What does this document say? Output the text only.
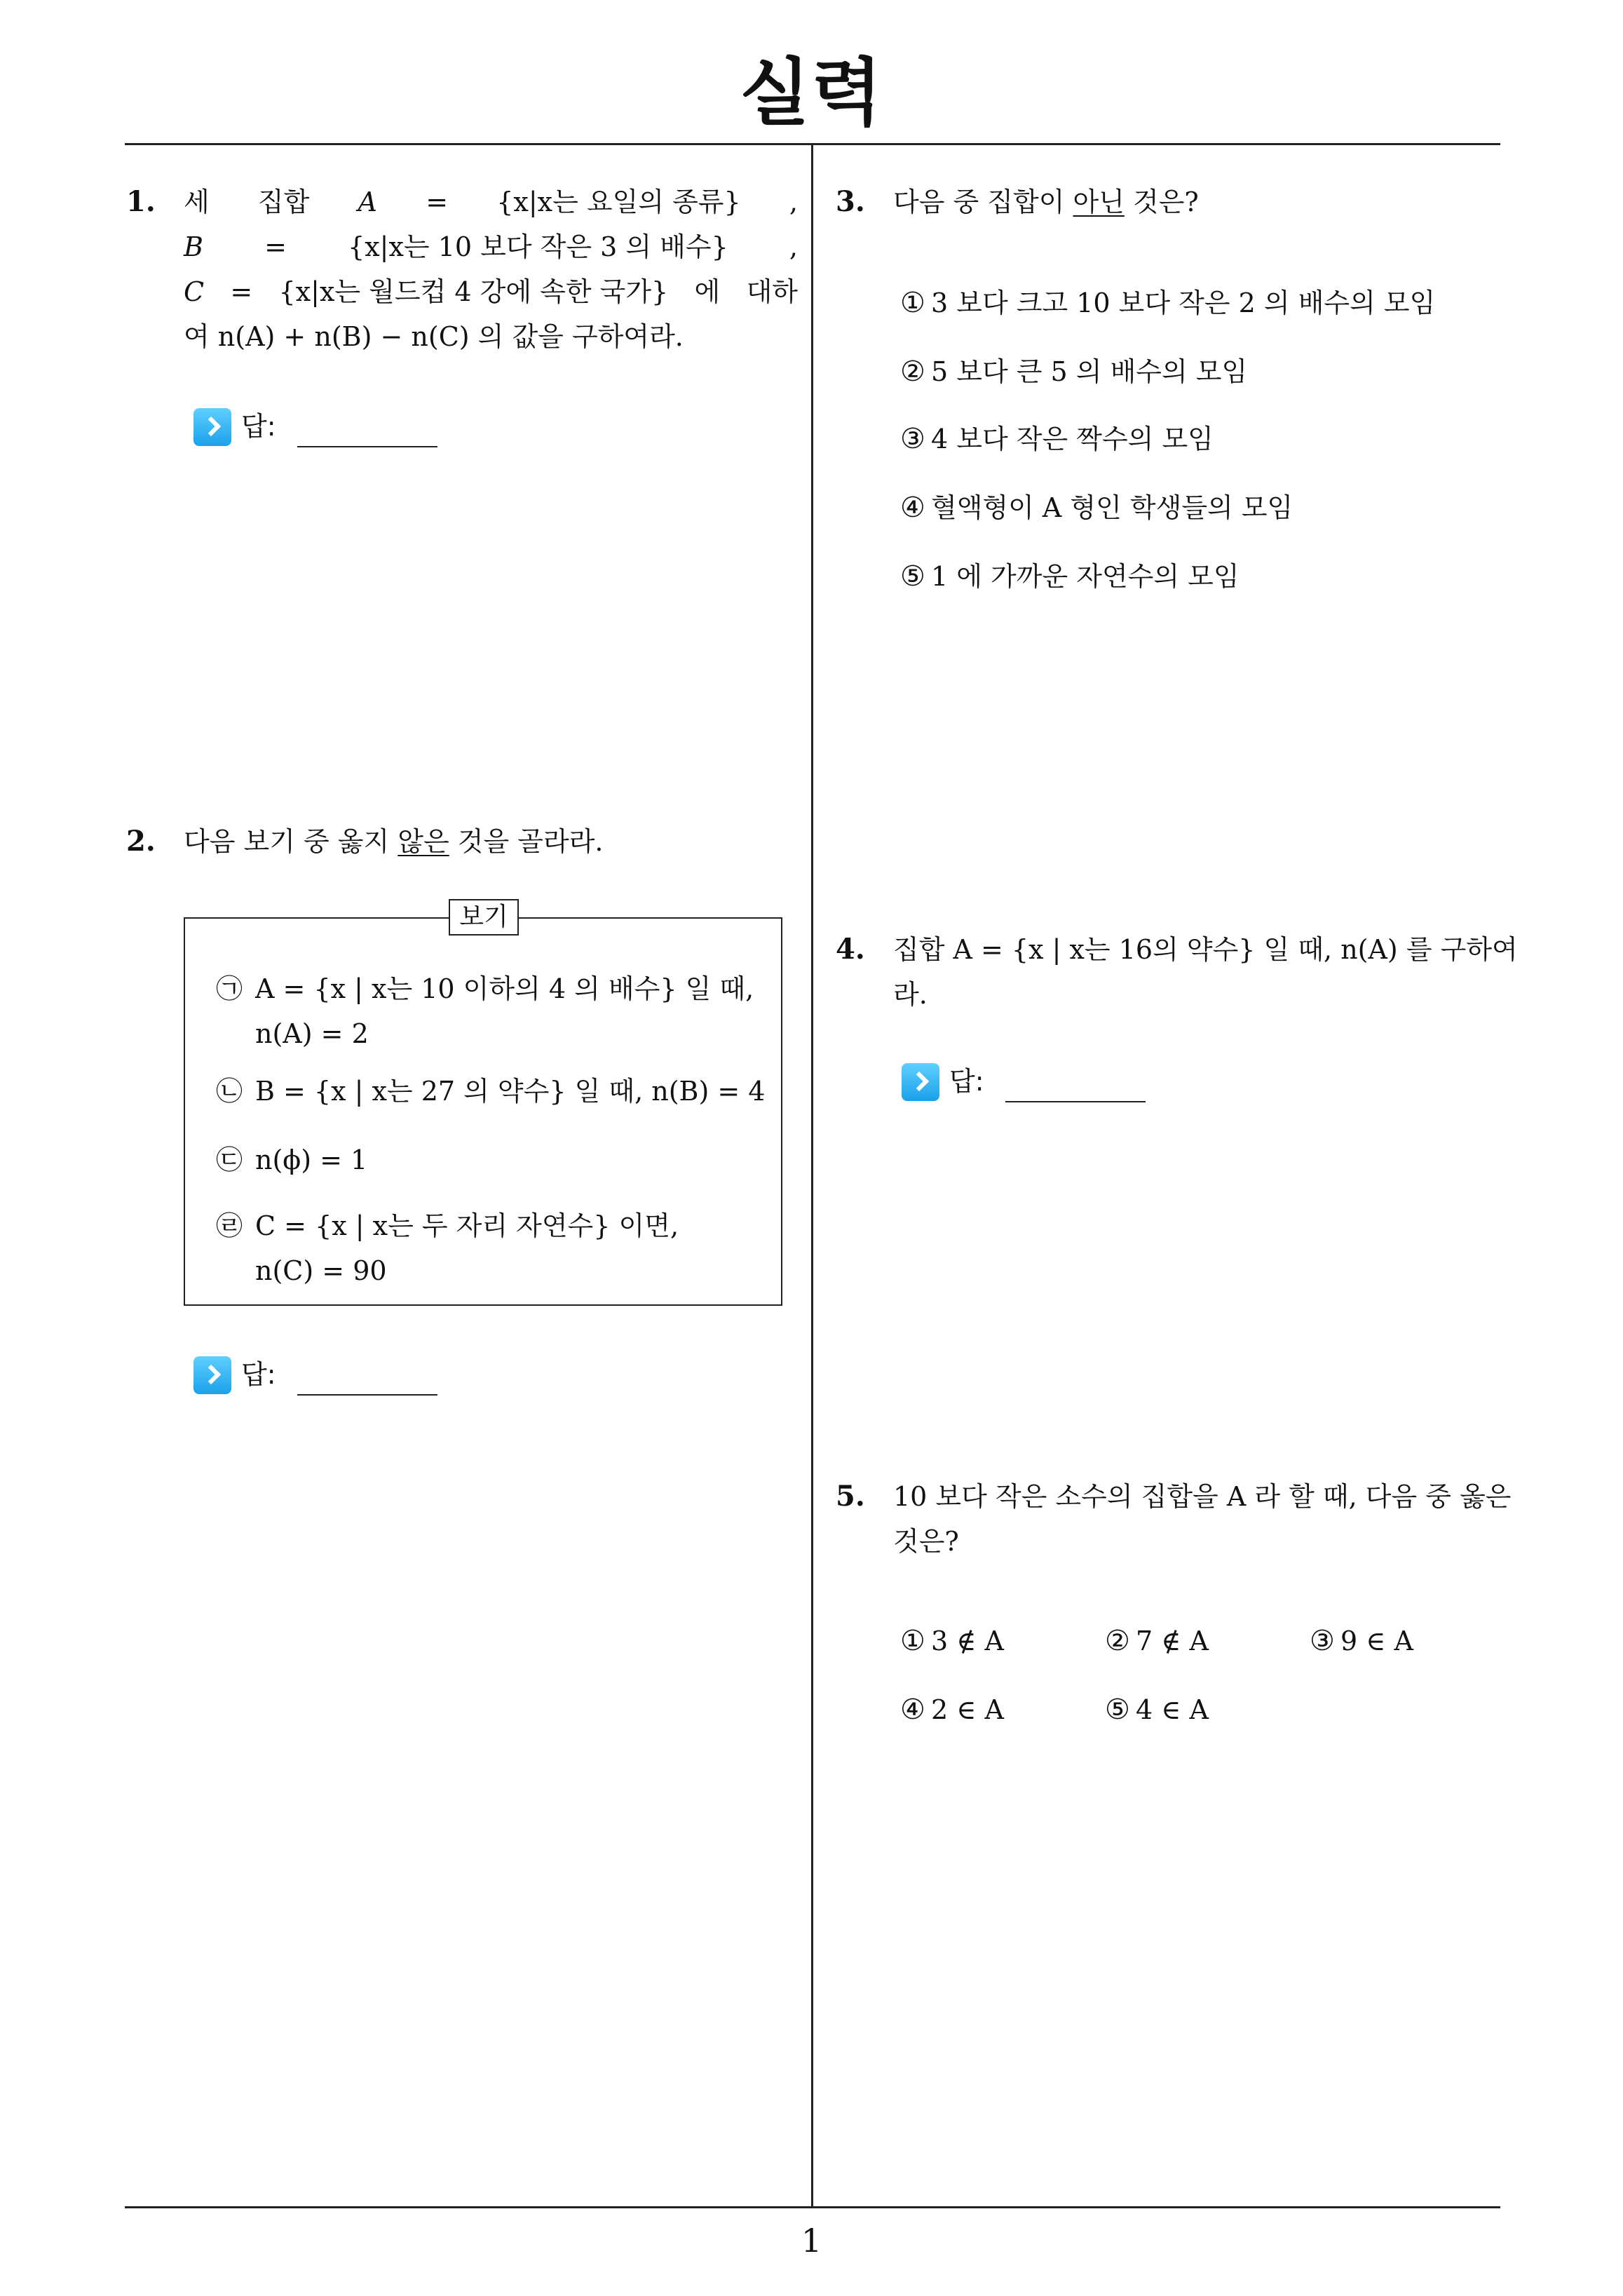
실력
1
1. 세 집합 A = {x|x는 요일의 종류} ,
B = {x|x는 10 보다 작은 3 의 배수} ,
C = {x|x는 월드컵 4 강에 속한 국가} 에 대하
여 n(A) + n(B) − n(C) 의 값을 구하여라.
답:
2. 다음 보기 중 옳지 않은 것을 골라라.
보기
㉠ A = {x | x는 10 이하의 4 의 배수} 일 때,
n(A) = 2
㉡ B = {x | x는 27 의 약수} 일 때, n(B) = 4
㉢ n(ϕ) = 1
㉣ C = {x | x는 두 자리 자연수} 이면,
n(C) = 90
답:
3. 다음 중 집합이 아닌 것은?
① 3 보다 크고 10 보다 작은 2 의 배수의 모임
② 5 보다 큰 5 의 배수의 모임
③ 4 보다 작은 짝수의 모임
④ 혈액형이 A 형인 학생들의 모임
⑤ 1 에 가까운 자연수의 모임
4. 집합 A = {x | x는 16의 약수} 일 때, n(A) 를 구하여
라.
답:
5. 10 보다 작은 소수의 집합을 A 라 할 때, 다음 중 옳은
것은?
① 3 ∉ A	② 7 ∉ A	③ 9 ∈ A
④ 2 ∈ A	⑤ 4 ∈ A
